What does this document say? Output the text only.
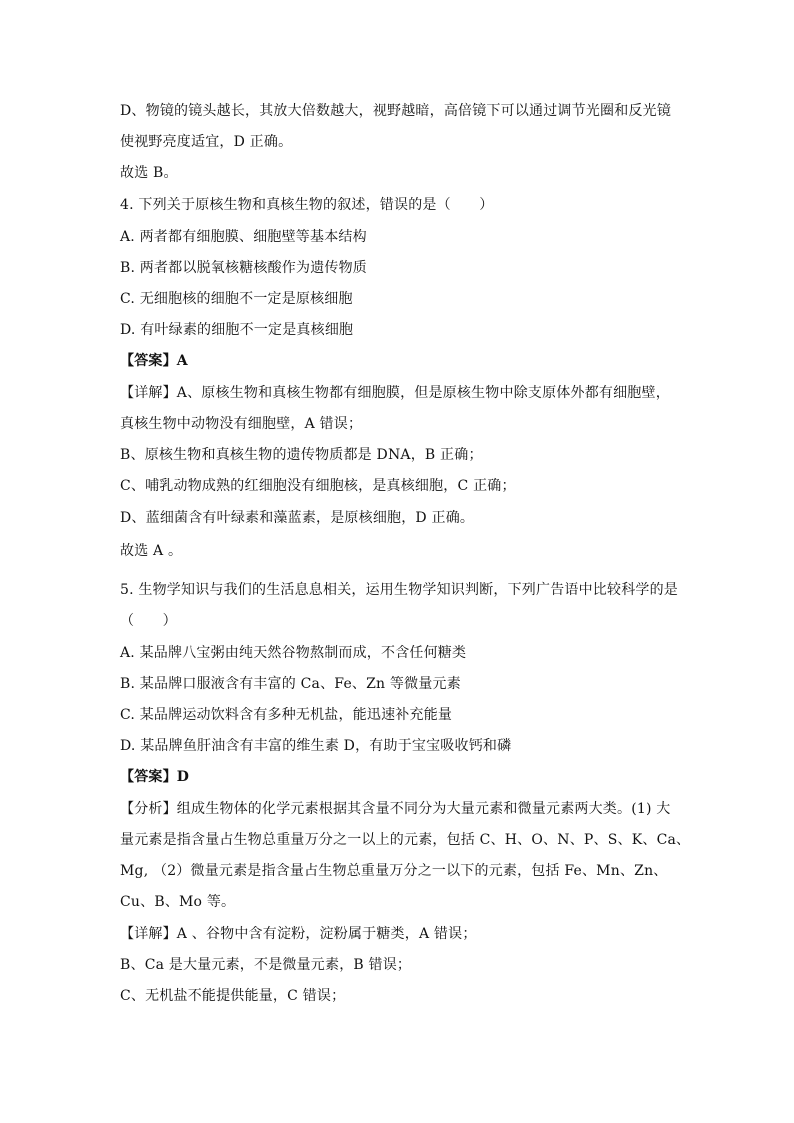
D、物镜的镜头越长，其放大倍数越大，视野越暗，高倍镜下可以通过调节光圈和反光镜
使视野亮度适宜，D 正确。
故选 B。
4. 下列关于原核生物和真核生物的叙述，错误的是（　　）
A. 两者都有细胞膜、细胞壁等基本结构
B. 两者都以脱氧核糖核酸作为遗传物质
C. 无细胞核的细胞不一定是原核细胞
D. 有叶绿素的细胞不一定是真核细胞
【答案】A
【详解】A、原核生物和真核生物都有细胞膜，但是原核生物中除支原体外都有细胞壁，
真核生物中动物没有细胞壁，A 错误；
B、原核生物和真核生物的遗传物质都是 DNA，B 正确；
C、哺乳动物成熟的红细胞没有细胞核，是真核细胞，C 正确；
D、蓝细菌含有叶绿素和藻蓝素，是原核细胞，D 正确。
故选 A 。
5. 生物学知识与我们的生活息息相关，运用生物学知识判断，下列广告语中比较科学的是
（　　）
A. 某品牌八宝粥由纯天然谷物熬制而成，不含任何糖类
B. 某品牌口服液含有丰富的 Ca、Fe、Zn 等微量元素
C. 某品牌运动饮料含有多种无机盐，能迅速补充能量
D. 某品牌鱼肝油含有丰富的维生素 D，有助于宝宝吸收钙和磷
【答案】D
【分析】组成生物体的化学元素根据其含量不同分为大量元素和微量元素两大类。(1) 大
量元素是指含量占生物总重量万分之一以上的元素，包括 C、H、O、N、P、S、K、Ca、
Mg, （2）微量元素是指含量占生物总重量万分之一以下的元素，包括 Fe、Mn、Zn、
Cu、B、Mo 等。
【详解】A 、谷物中含有淀粉，淀粉属于糖类，A 错误；
B、Ca 是大量元素，不是微量元素，B 错误；
C、无机盐不能提供能量，C 错误；
